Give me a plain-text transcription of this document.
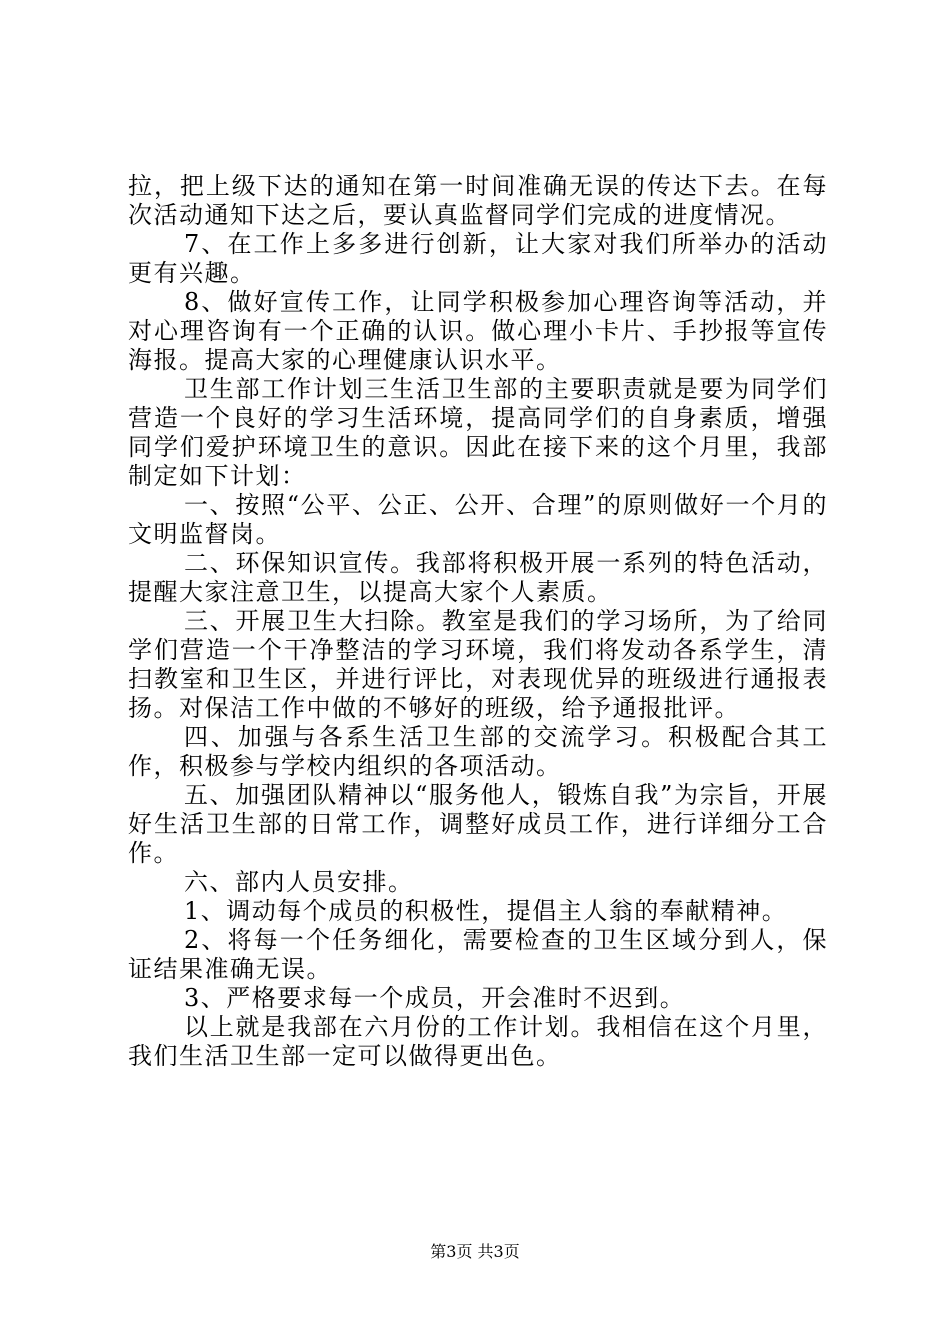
拉，把上级下达的通知在第一时间准确无误的传达下去。在每次活动通知下达之后，要认真监督同学们完成的进度情况。

7、在工作上多多进行创新，让大家对我们所举办的活动更有兴趣。

8、做好宣传工作，让同学积极参加心理咨询等活动，并对心理咨询有一个正确的认识。做心理小卡片、手抄报等宣传海报。提高大家的心理健康认识水平。

卫生部工作计划三生活卫生部的主要职责就是要为同学们营造一个良好的学习生活环境，提高同学们的自身素质，增强同学们爱护环境卫生的意识。因此在接下来的这个月里，我部制定如下计划：

一、按照“公平、公正、公开、合理”的原则做好一个月的文明监督岗。

二、环保知识宣传。我部将积极开展一系列的特色活动，提醒大家注意卫生，以提高大家个人素质。

三、开展卫生大扫除。教室是我们的学习场所，为了给同学们营造一个干净整洁的学习环境，我们将发动各系学生，清扫教室和卫生区，并进行评比，对表现优异的班级进行通报表扬。对保洁工作中做的不够好的班级，给予通报批评。

四、加强与各系生活卫生部的交流学习。积极配合其工作，积极参与学校内组织的各项活动。

五、加强团队精神以“服务他人，锻炼自我”为宗旨，开展好生活卫生部的日常工作，调整好成员工作，进行详细分工合作。

六、部内人员安排。

1、调动每个成员的积极性，提倡主人翁的奉献精神。

2、将每一个任务细化，需要检查的卫生区域分到人，保证结果准确无误。

3、严格要求每一个成员，开会准时不迟到。

以上就是我部在六月份的工作计划。我相信在这个月里，我们生活卫生部一定可以做得更出色。

第3页 共3页
